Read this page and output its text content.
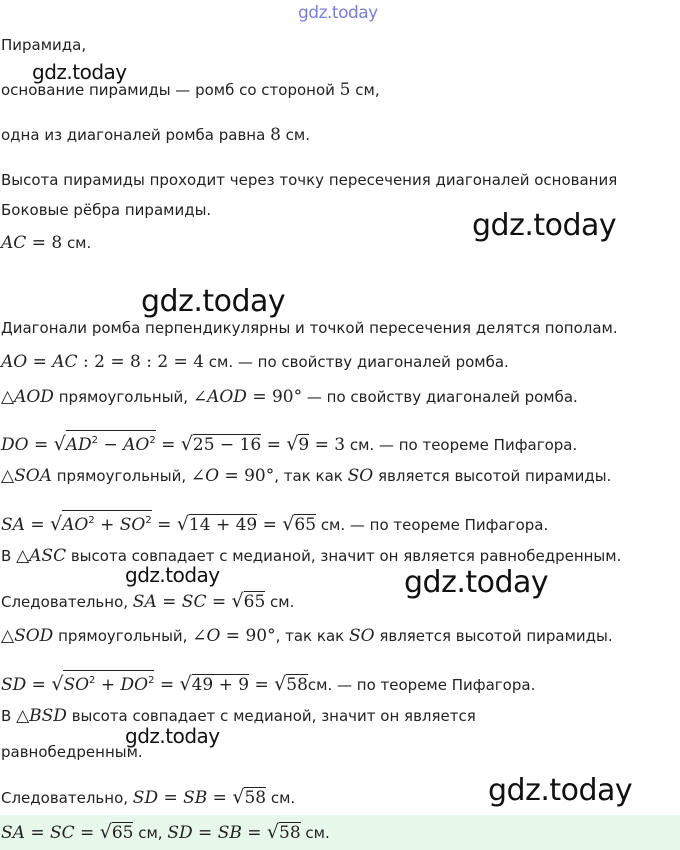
gdz.today
gdz.today
gdz.today
gdz.today
gdz.today	gdz.today
gdz.today
gdz.today
Пирамида,
основание пирамиды — ромб со стороной 5 см,
одна из диагоналей ромба равна 8 см.
Высота пирамиды проходит через точку пересечения диагоналей основания
Боковые рёбра пирамиды.
AC = 8 см.
Диагонали ромба перпендикулярны и точкой пересечения делятся пополам.
AO = AC : 2 = 8 : 2 = 4 см. — по свойству диагоналей ромба.
△AOD прямоугольный, ∠AOD = 90° — по свойству диагоналей ромба.
DO = $√AD^2 - AO^2 = √25 - 16 = √9 = 3$ см. — по теореме Пифагора.
△SOA прямоугольный, ∠O = 90°, так как SO является высотой пирамиды.
SA = $√AO^2 + SO^2 = √14 + 49 = √65$ см. — по теореме Пифагора.
В △ASC высота совпадает с медианой, значит он является равнобедренным.
Следовательно, SA = SC = √65 см.
△SOD прямоугольный, ∠O = 90°, так как SO является высотой пирамиды.
SD = $√SO^2 + DO^2 = √49 + 9 = √58см$. — по теореме Пифагора.
В △BSD высота совпадает с медианой, значит он является
равнобедренным.
Следовательно, SD = SB = √58 см.
SA = SC = √65 см, SD = SB = √58 см.
